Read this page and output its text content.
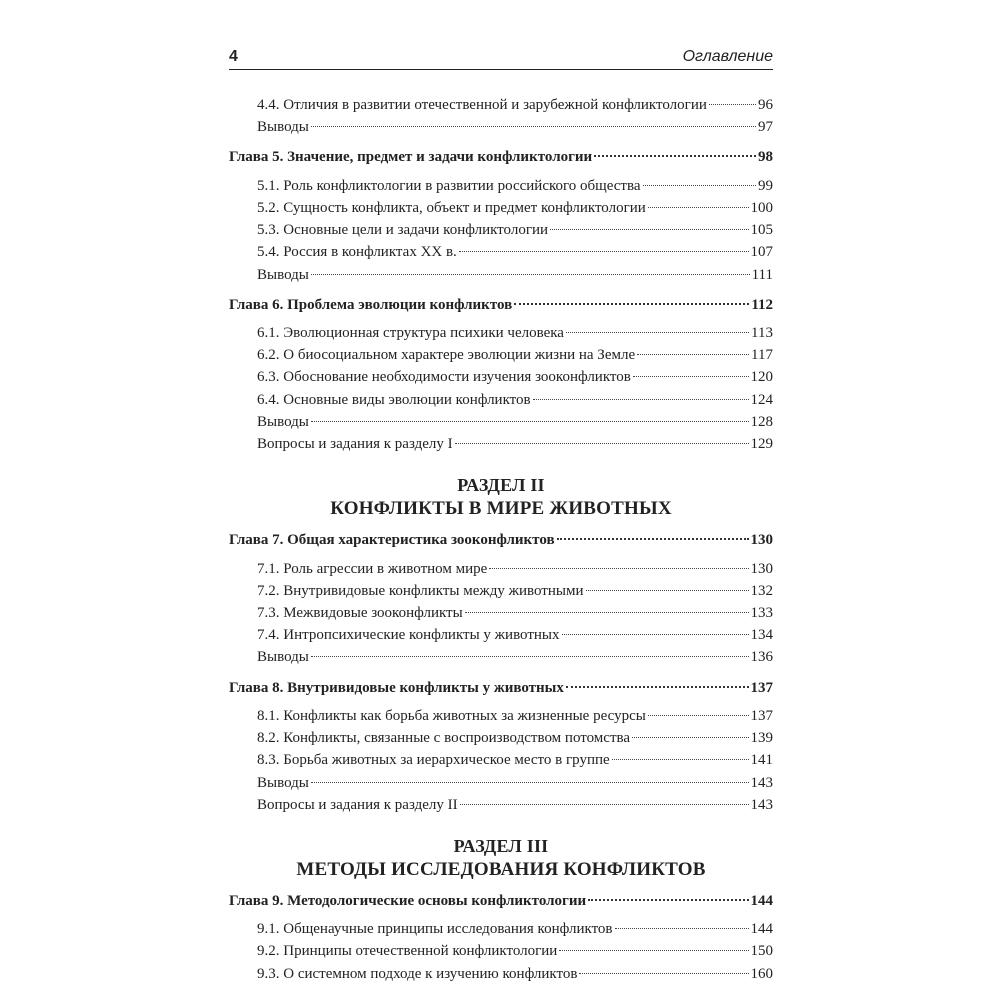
4	Оглавление
4.4. Отличия в развитии отечественной и зарубежной конфликтологии	96
Выводы	97
Глава 5. Значение, предмет и задачи конфликтологии	98
5.1. Роль конфликтологии в развитии российского общества	99
5.2. Сущность конфликта, объект и предмет конфликтологии	100
5.3. Основные цели и задачи конфликтологии	105
5.4. Россия в конфликтах XX в.	107
Выводы	111
Глава 6. Проблема эволюции конфликтов	112
6.1. Эволюционная структура психики человека	113
6.2. О биосоциальном характере эволюции жизни на Земле	117
6.3. Обоснование необходимости изучения зооконфликтов	120
6.4. Основные виды эволюции конфликтов	124
Выводы	128
Вопросы и задания к разделу I	129
РАЗДЕЛ II
КОНФЛИКТЫ В МИРЕ ЖИВОТНЫХ
Глава 7. Общая характеристика зооконфликтов	130
7.1. Роль агрессии в животном мире	130
7.2. Внутривидовые конфликты между животными	132
7.3. Межвидовые зооконфликты	133
7.4. Интропсихические конфликты у животных	134
Выводы	136
Глава 8. Внутривидовые конфликты у животных	137
8.1. Конфликты как борьба животных за жизненные ресурсы	137
8.2. Конфликты, связанные с воспроизводством потомства	139
8.3. Борьба животных за иерархическое место в группе	141
Выводы	143
Вопросы и задания к разделу II	143
РАЗДЕЛ III
МЕТОДЫ ИССЛЕДОВАНИЯ КОНФЛИКТОВ
Глава 9. Методологические основы конфликтологии	144
9.1. Общенаучные принципы исследования конфликтов	144
9.2. Принципы отечественной конфликтологии	150
9.3. О системном подходе к изучению конфликтов	160
